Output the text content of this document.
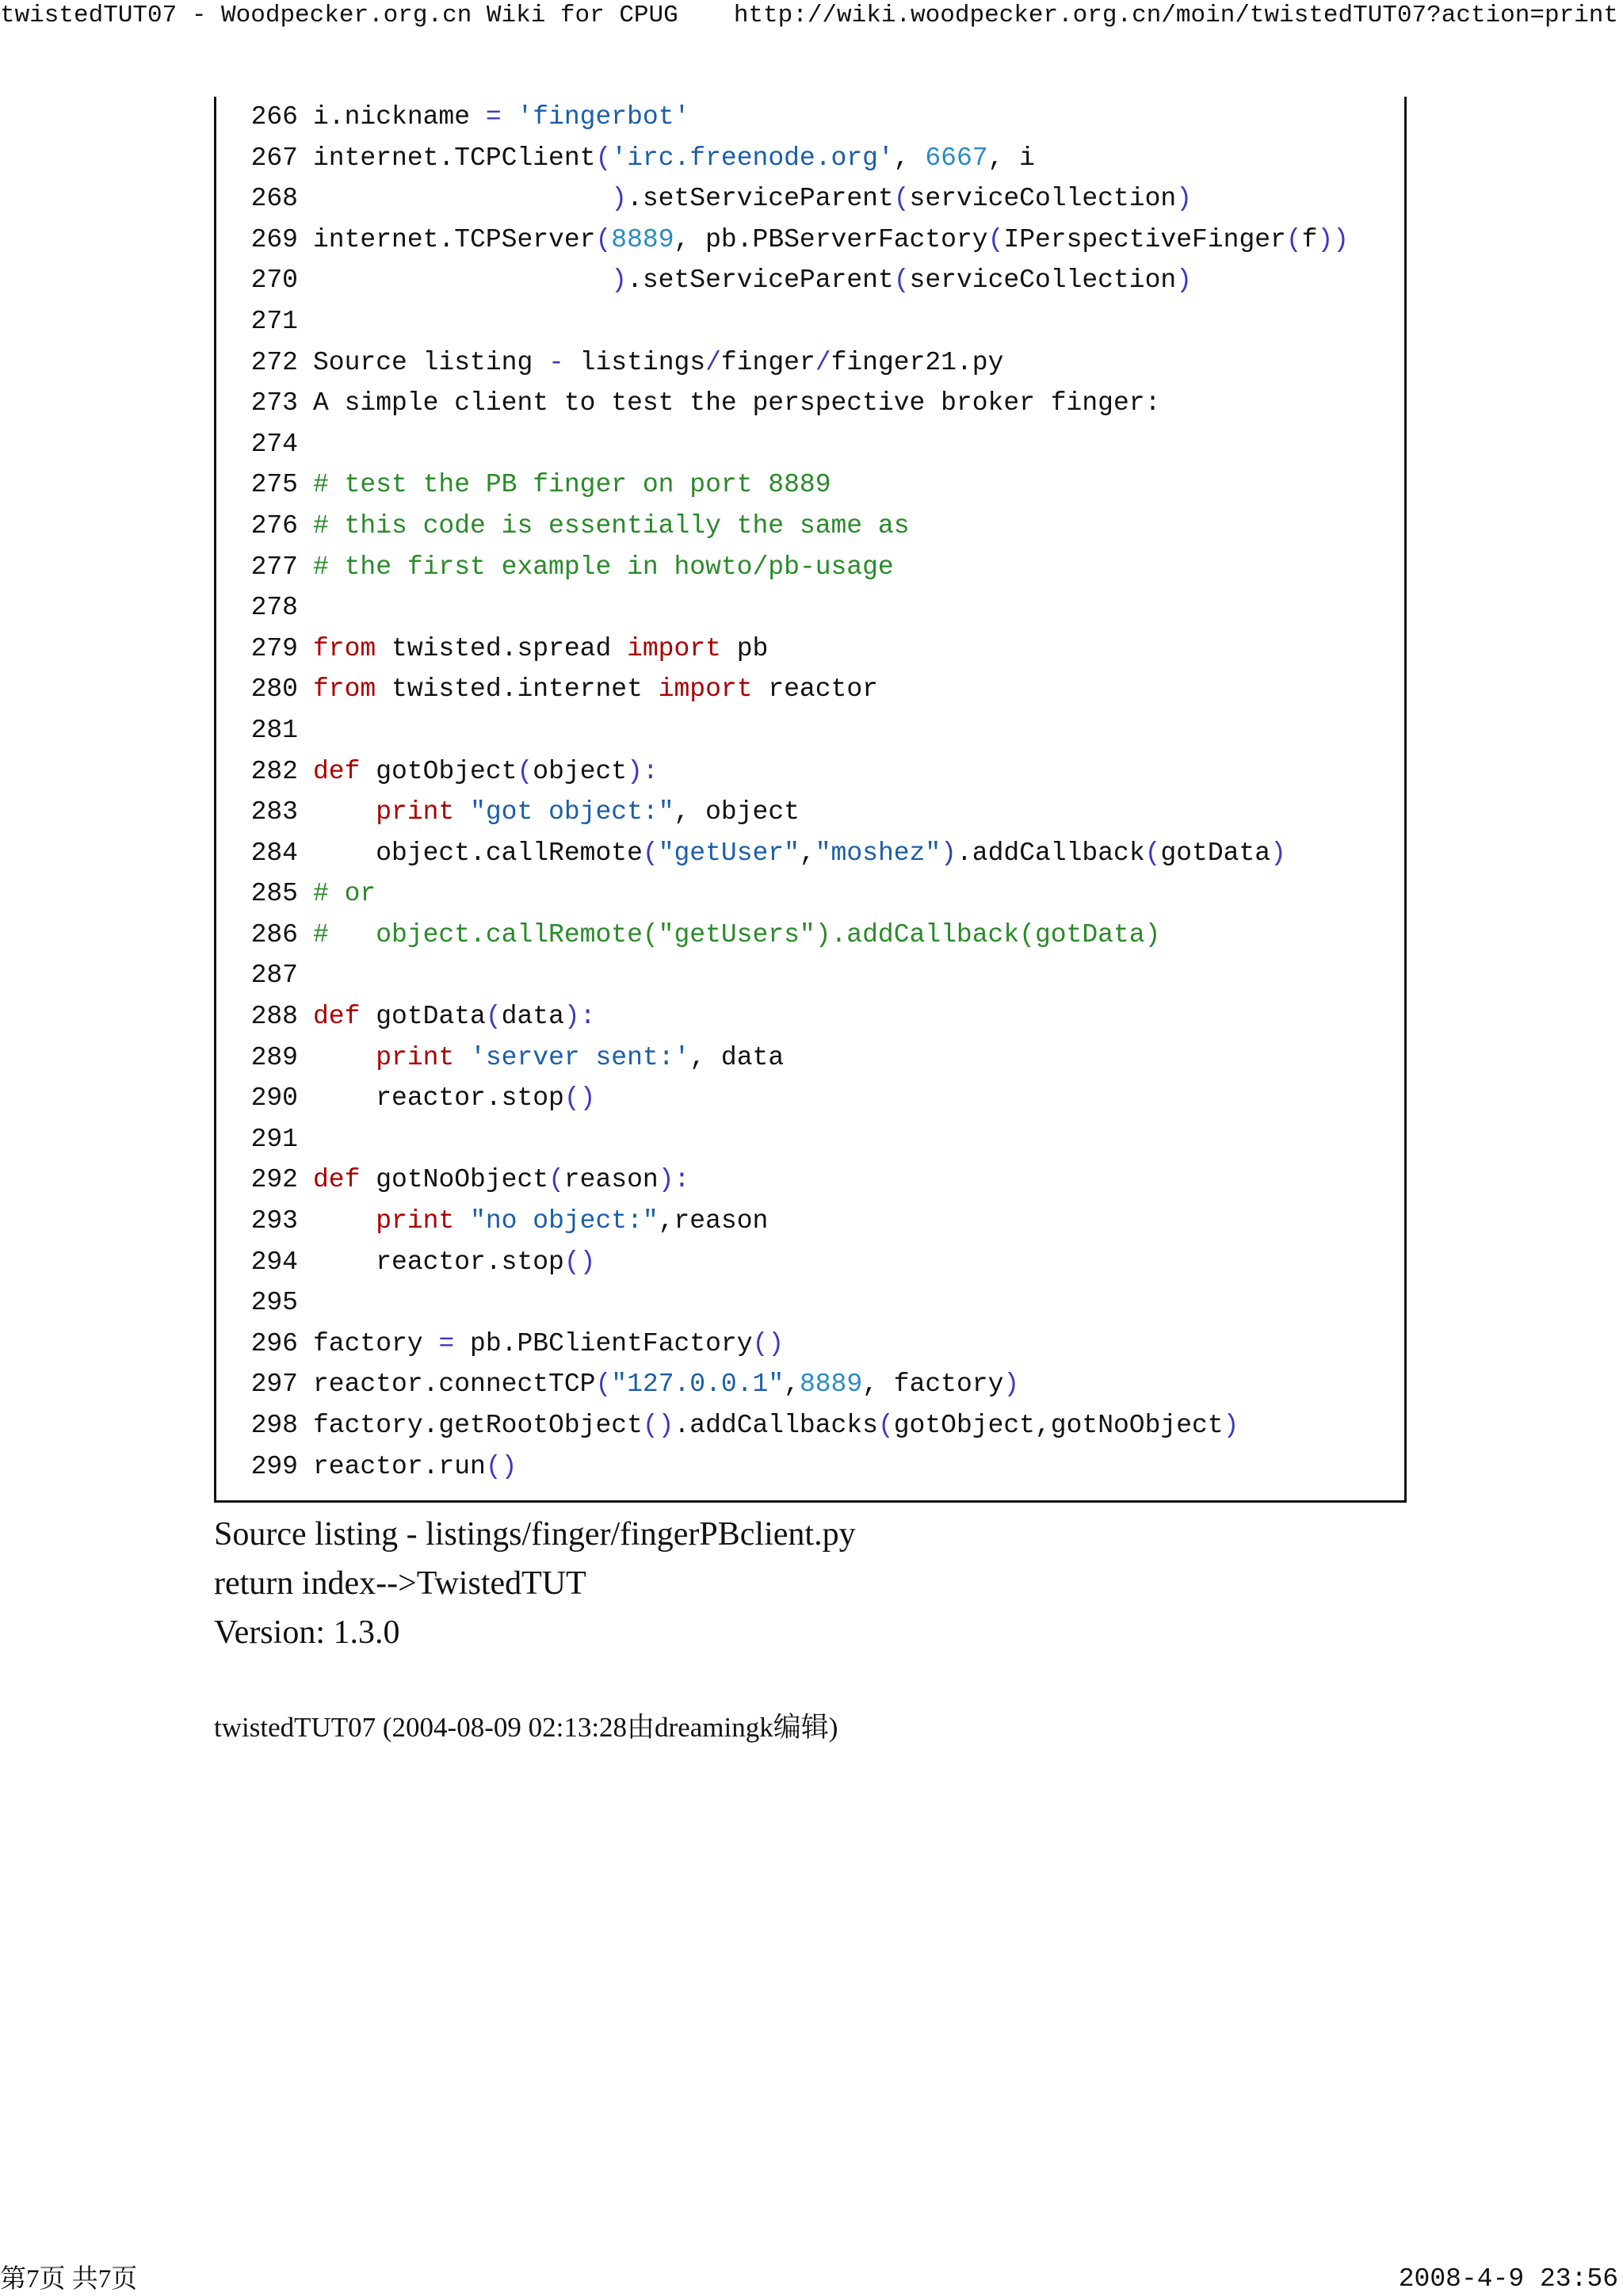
twistedTUT07 - Woodpecker.org.cn Wiki for CPUG http://wiki.woodpecker.org.cn/moin/twistedTUT07?action=print
266 i.nickname = 'fingerbot'
267 internet.TCPClient('irc.freenode.org', 6667, i
268	).setServiceParent(serviceCollection)
269 internet.TCPServer(8889, pb.PBServerFactory(IPerspectiveFinger(f))
270	).setServiceParent(serviceCollection)
271
272 Source listing - listings/finger/finger21.py
273 A simple client to test the perspective broker finger:
274
275 # test the PB finger on port 8889
276 # this code is essentially the same as
277 # the first example in howto/pb-usage
278
279 from twisted.spread import pb
280 from twisted.internet import reactor
281
282 def gotObject(object):
283	print "got object:", object
284    object.callRemote("getUser","moshez").addCallback(gotData)
285 # or
286 #   object.callRemote("getUsers").addCallback(gotData)
287
288 def gotData(data):
289	print 'server sent:', data
290    reactor.stop()
291
292 def gotNoObject(reason):
293	print "no object:",reason
294    reactor.stop()
295
296 factory = pb.PBClientFactory()
297 reactor.connectTCP("127.0.0.1",8889, factory)
298 factory.getRootObject().addCallbacks(gotObject,gotNoObject)
299 reactor.run()
Source listing - listings/finger/fingerPBclient.py
return index-->TwistedTUT
Version: 1.3.0
twistedTUT07 (2004-08-09 02:13:28由dreamingk编辑)
第7页 共7页	2008-4-9 23:56
